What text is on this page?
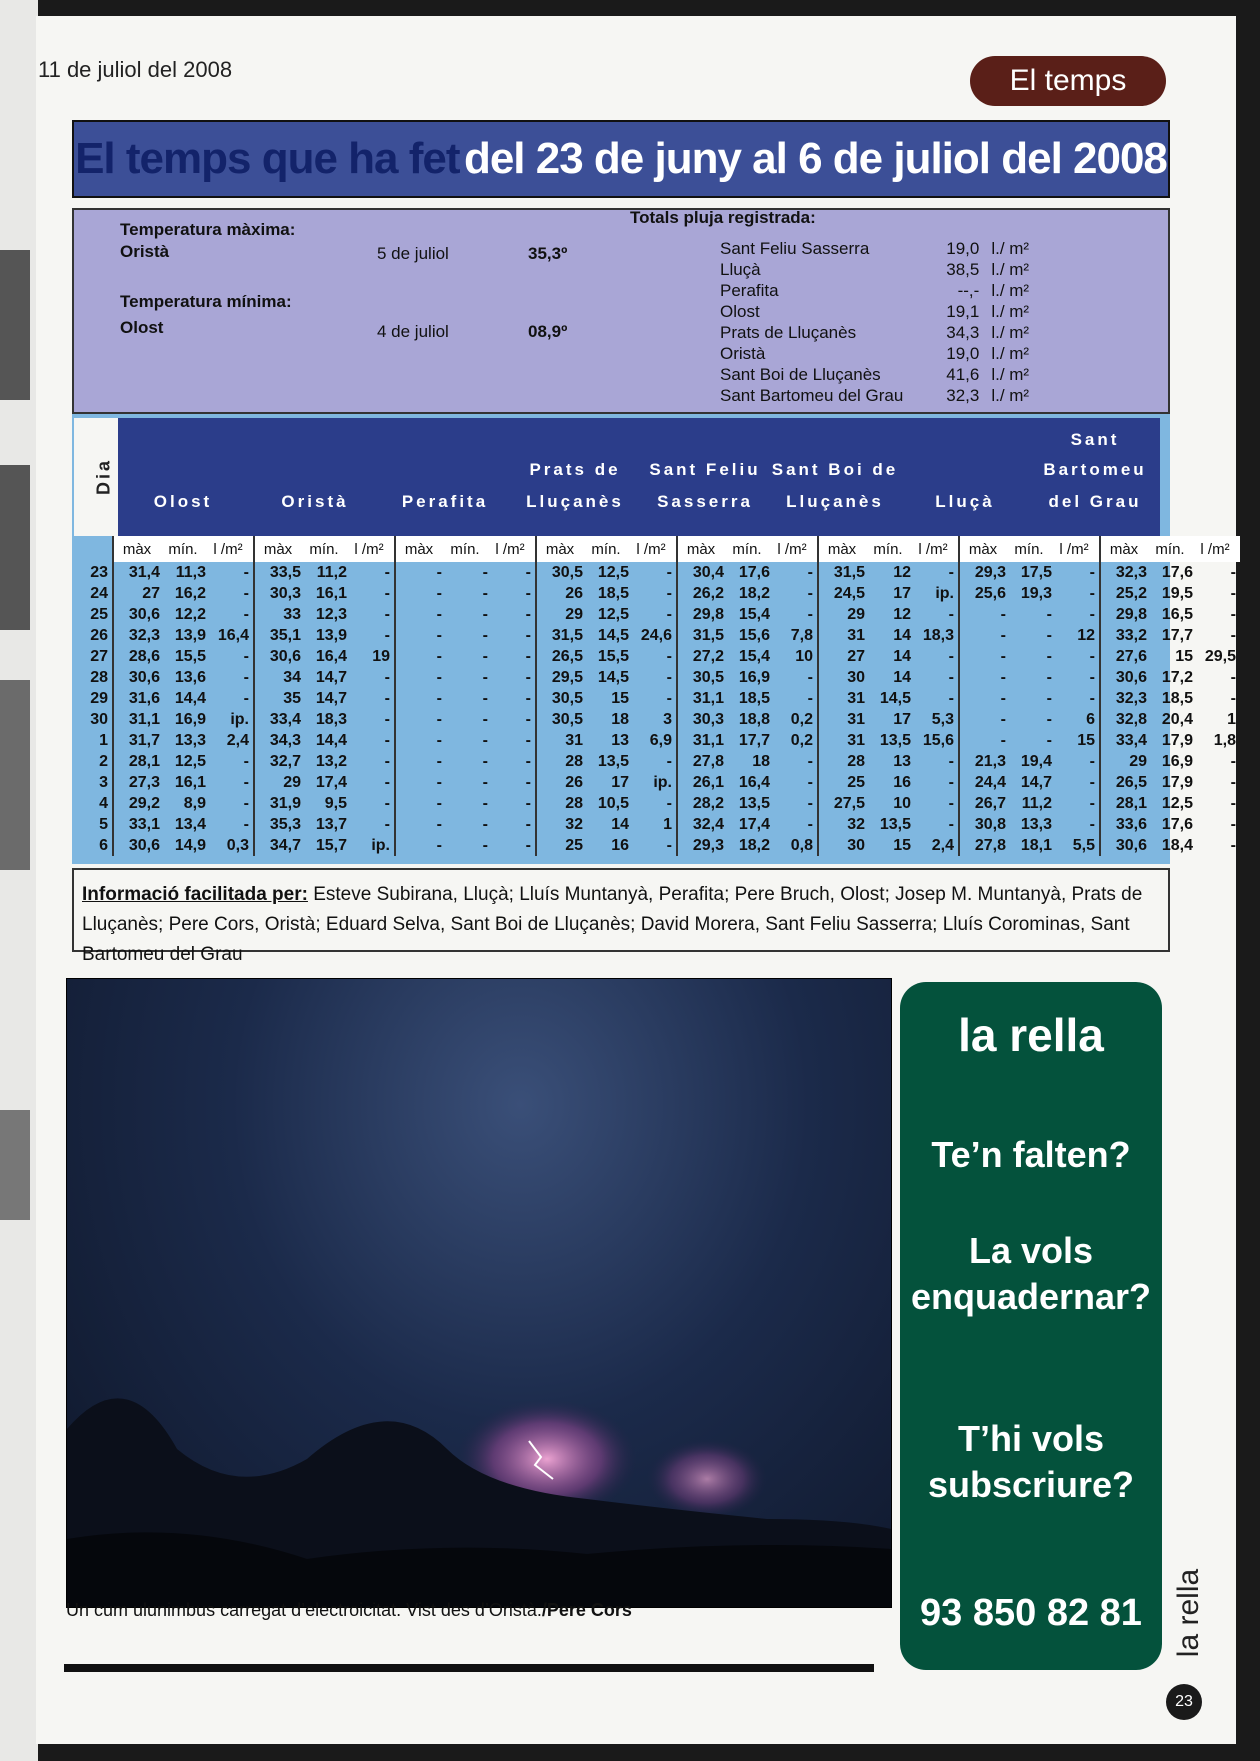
11 de juliol del 2008	El temps
El temps que ha fet del 23 de juny al 6 de juliol del 2008
Temperatura màxima:
Oristà	5 de juliol	35,3º
Temperatura mínima:
Olost	4 de juliol	08,9º
Totals pluja registrada:
Sant Feliu Sasserra	19,0	l./ m²
Lluçà	38,5	l./ m²
Perafita	--,-	l./ m²
Olost	19,1	l./ m²
Prats de Lluçanès	34,3	l./ m²
Oristà	19,0	l./ m²
Sant Boi de Lluçanès	41,6	l./ m²
Sant Bartomeu del Grau	32,3	l./ m²
Dia
Olost	Oristà	Perafita
Prats de
Lluçanès
Sant Feliu
Sasserra
Sant Boi de
Lluçanès	Lluçà
Sant
Bartomeu
del Grau
	màx	mín.	l /m²	màx	mín.	l /m²	màx	mín.	l /m²	màx	mín.	l /m²	màx	mín.	l /m²	màx	mín.	l /m²	màx	mín.	l /m²	màx	mín.	l /m²
23	31,4	11,3	-	33,5	11,2	-	-	-	-	30,5	12,5	-	30,4	17,6	-	31,5	12	-	29,3	17,5	-	32,3	17,6	-
24	27	16,2	-	30,3	16,1	-	-	-	-	26	18,5	-	26,2	18,2	-	24,5	17	ip.	25,6	19,3	-	25,2	19,5	-
25	30,6	12,2	-	33	12,3	-	-	-	-	29	12,5	-	29,8	15,4	-	29	12	-	-	-	-	29,8	16,5	-
26	32,3	13,9	16,4	35,1	13,9	-	-	-	-	31,5	14,5	24,6	31,5	15,6	7,8	31	14	18,3	-	-	12	33,2	17,7	-
27	28,6	15,5	-	30,6	16,4	19	-	-	-	26,5	15,5	-	27,2	15,4	10	27	14	-	-	-	-	27,6	15	29,5
28	30,6	13,6	-	34	14,7	-	-	-	-	29,5	14,5	-	30,5	16,9	-	30	14	-	-	-	-	30,6	17,2	-
29	31,6	14,4	-	35	14,7	-	-	-	-	30,5	15	-	31,1	18,5	-	31	14,5	-	-	-	-	32,3	18,5	-
30	31,1	16,9	ip.	33,4	18,3	-	-	-	-	30,5	18	3	30,3	18,8	0,2	31	17	5,3	-	-	6	32,8	20,4	1
1	31,7	13,3	2,4	34,3	14,4	-	-	-	-	31	13	6,9	31,1	17,7	0,2	31	13,5	15,6	-	-	15	33,4	17,9	1,8
2	28,1	12,5	-	32,7	13,2	-	-	-	-	28	13,5	-	27,8	18	-	28	13	-	21,3	19,4	-	29	16,9	-
3	27,3	16,1	-	29	17,4	-	-	-	-	26	17	ip.	26,1	16,4	-	25	16	-	24,4	14,7	-	26,5	17,9	-
4	29,2	8,9	-	31,9	9,5	-	-	-	-	28	10,5	-	28,2	13,5	-	27,5	10	-	26,7	11,2	-	28,1	12,5	-
5	33,1	13,4	-	35,3	13,7	-	-	-	-	32	14	1	32,4	17,4	-	32	13,5	-	30,8	13,3	-	33,6	17,6	-
6	30,6	14,9	0,3	34,7	15,7	ip.	-	-	-	25	16	-	29,3	18,2	0,8	30	15	2,4	27,8	18,1	5,5	30,6	18,4	-
Informació facilitada per: Esteve Subirana, Lluçà; Lluís Muntanyà, Perafita; Pere Bruch, Olost; Josep M. Muntanyà, Prats de Lluçanès; Pere Cors, Oristà; Eduard Selva, Sant Boi de Lluçanès; David Morera, Sant Feliu Sasserra; Lluís Corominas, Sant Bartomeu del Grau
Un cum ulunimbus carregat d’electroicitat. Vist des d’Oristà./Pere Cors
la rella
Te’n falten?
La vols
enquadernar?
T’hi vols
subscriure?
93 850 82 81	la rella
23
